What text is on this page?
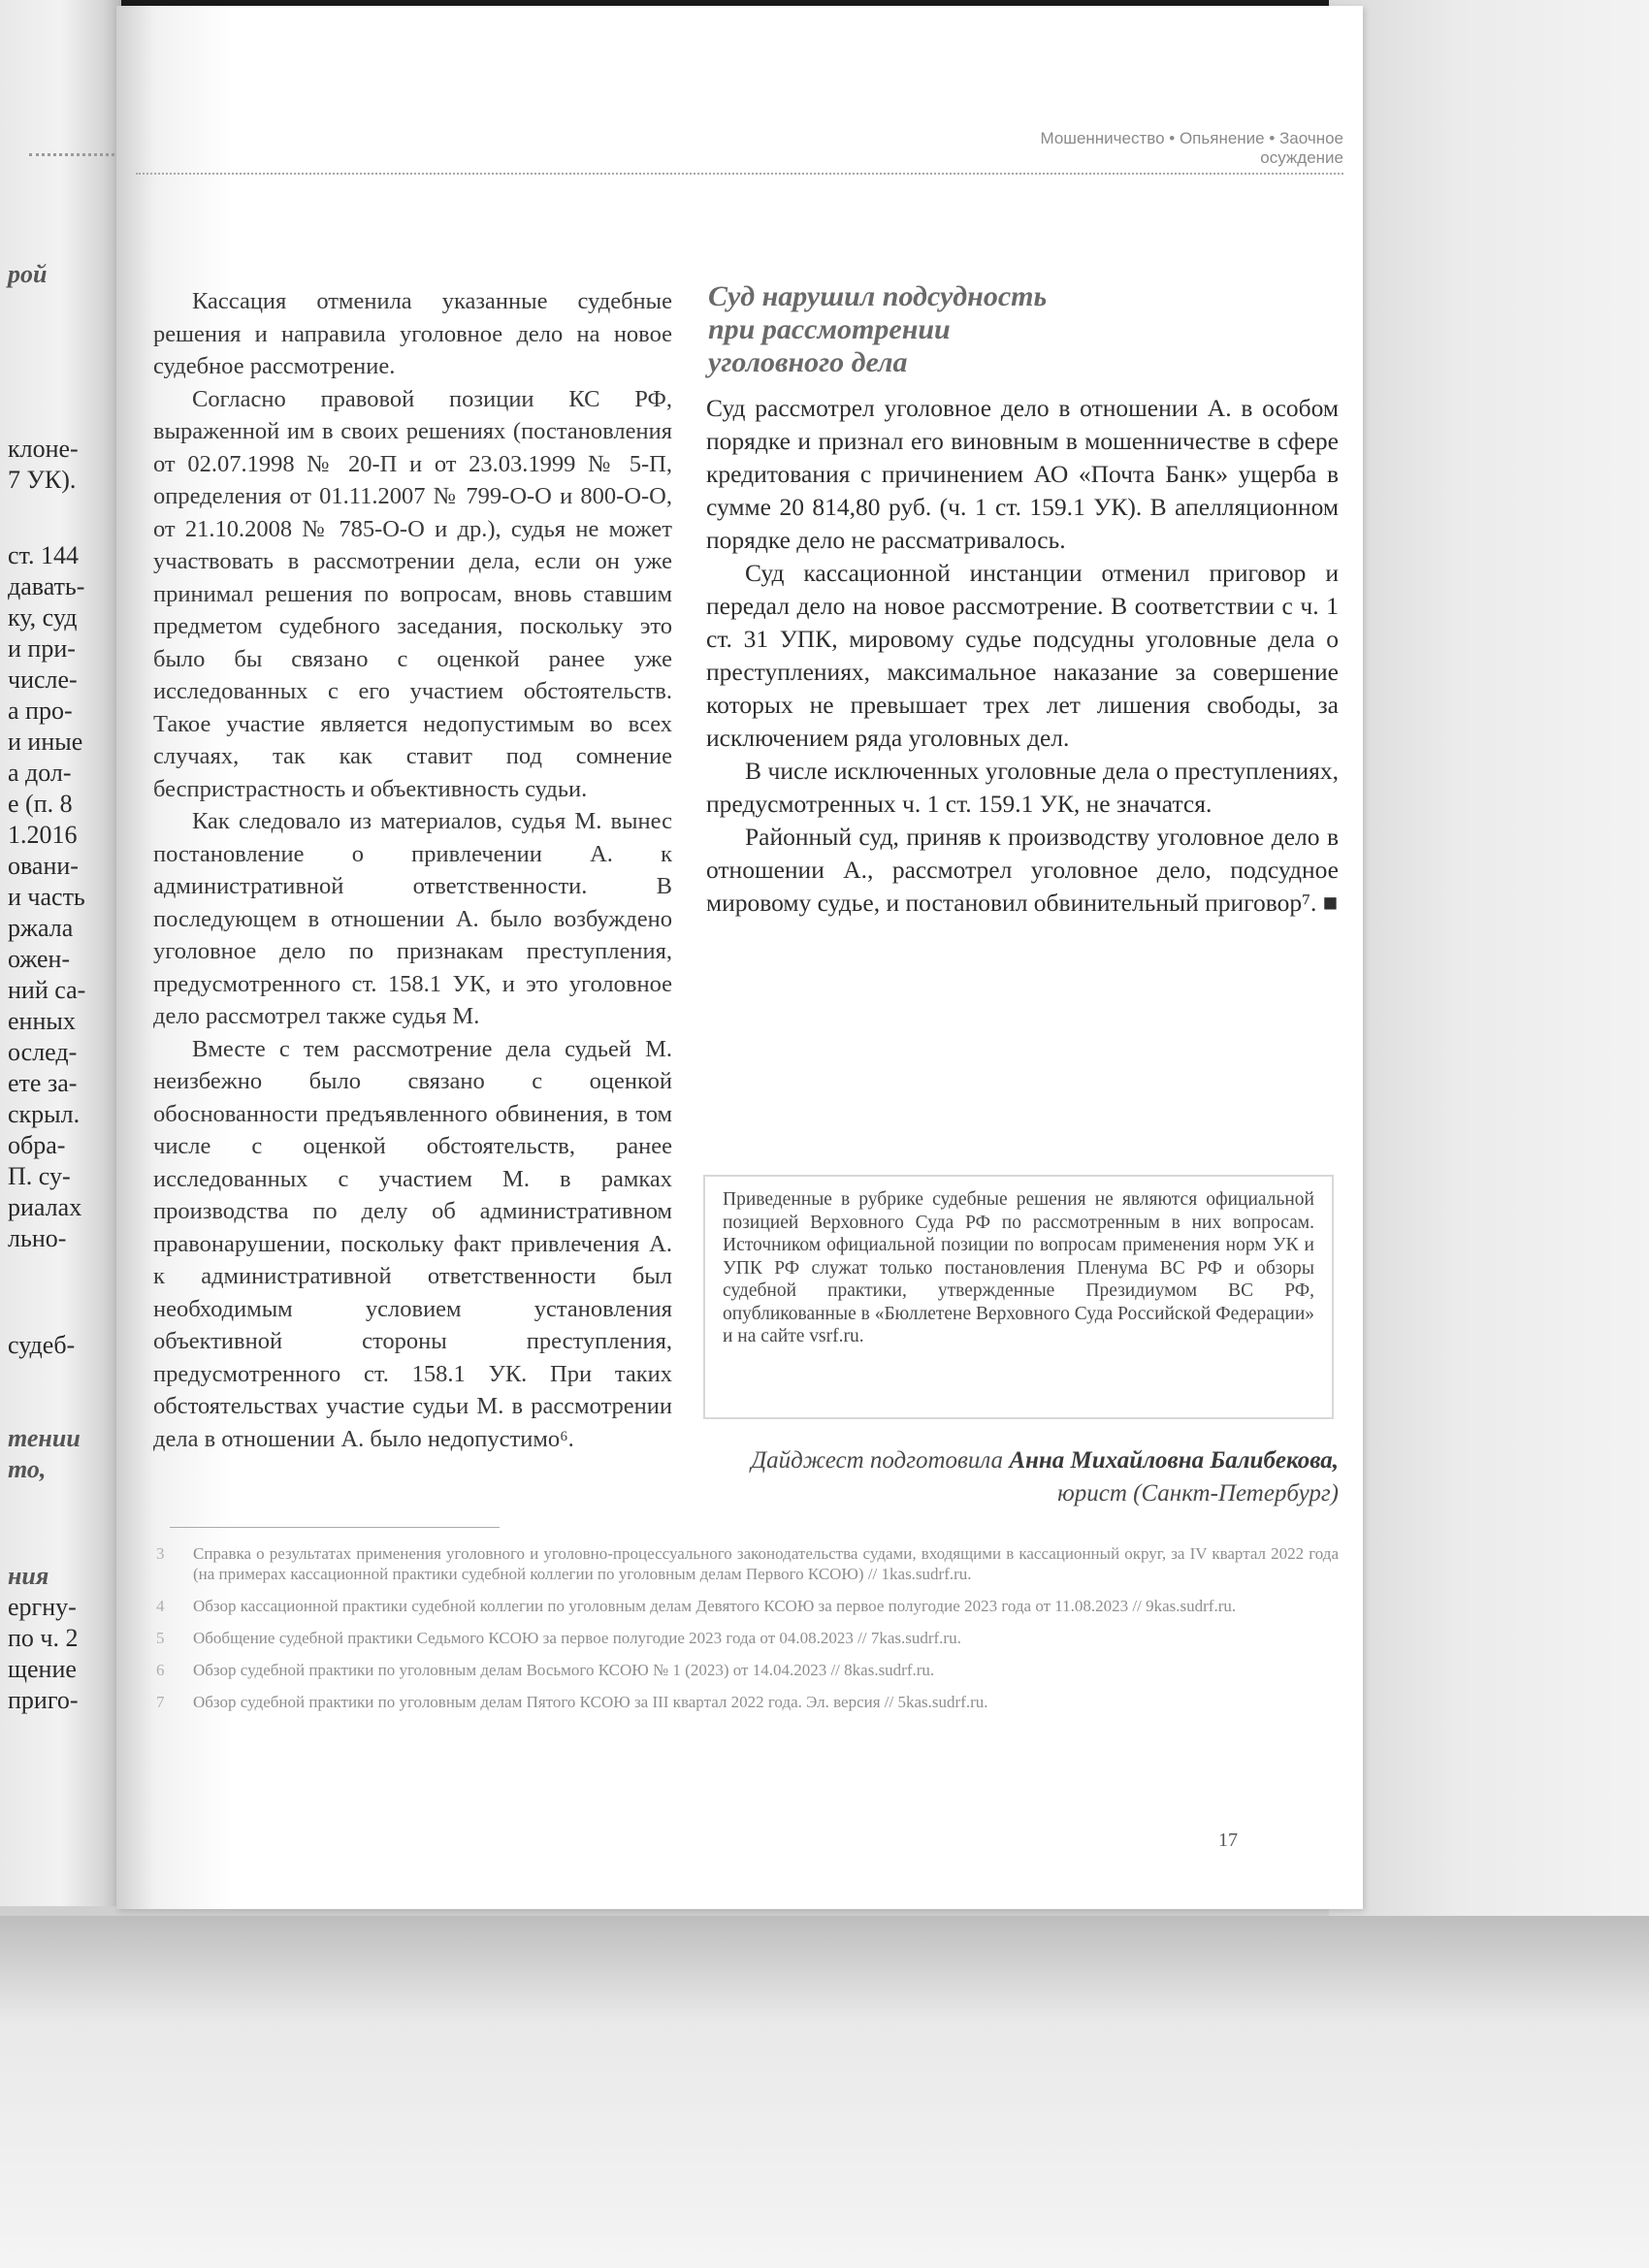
рой
клоне-
7 УК).
ст. 144
давать-
ку, суд
и при-
числе-
а про-
и иные
а дол-
е (п. 8
1.2016
овани-
и часть
ржала
ожен-
ний са-
енных
ослед-
ете за-
скрыл.
обра-
П. су-
риалах
льно-
судеб-
тении
то,
ния
ергну-
по ч. 2
щение
приго-
Мошенничество • Опьянение • Заочное осуждение

Кассация отменила указанные судебные решения и направила уголовное дело на новое судебное рассмотрение.

Согласно правовой позиции КС РФ, выраженной им в своих решениях (постановления от 02.07.1998 № 20-П и от 23.03.1999 № 5-П, определения от 01.11.2007 № 799-О-О и 800-О-О, от 21.10.2008 № 785-О-О и др.), судья не может участвовать в рассмотрении дела, если он уже принимал решения по вопросам, вновь ставшим предметом судебного заседания, поскольку это было бы связано с оценкой ранее уже исследованных с его участием обстоятельств. Такое участие является недопустимым во всех случаях, так как ставит под сомнение беспристрастность и объективность судьи.

Как следовало из материалов, судья М. вынес постановление о привлечении А. к административной ответственности. В последующем в отношении А. было возбуждено уголовное дело по признакам преступления, предусмотренного ст. 158.1 УК, и это уголовное дело рассмотрел также судья М.

Вместе с тем рассмотрение дела судьей М. неизбежно было связано с оценкой обоснованности предъявленного обвинения, в том числе с оценкой обстоятельств, ранее исследованных с участием М. в рамках производства по делу об административном правонарушении, поскольку факт привлечения А. к административной ответственности был необходимым условием установления объективной стороны преступления, предусмотренного ст. 158.1 УК. При таких обстоятельствах участие судьи М. в рассмотрении дела в отношении А. было недопустимо⁶.

Суд нарушил подсудность
при рассмотрении
уголовного дела

Суд рассмотрел уголовное дело в отношении А. в особом порядке и признал его виновным в мошенничестве в сфере кредитования с причинением АО «Почта Банк» ущерба в сумме 20 814,80 руб. (ч. 1 ст. 159.1 УК). В апелляционном порядке дело не рассматривалось.

Суд кассационной инстанции отменил приговор и передал дело на новое рассмотрение. В соответствии с ч. 1 ст. 31 УПК, мировому судье подсудны уголовные дела о преступлениях, максимальное наказание за совершение которых не превышает трех лет лишения свободы, за исключением ряда уголовных дел.

В числе исключенных уголовные дела о преступлениях, предусмотренных ч. 1 ст. 159.1 УК, не значатся.

Районный суд, приняв к производству уголовное дело в отношении А., рассмотрел уголовное дело, подсудное мировому судье, и постановил обвинительный приговор⁷. ■

Приведенные в рубрике судебные решения не являются официальной позицией Верховного Суда РФ по рассмотренным в них вопросам. Источником официальной позиции по вопросам применения норм УК и УПК РФ служат только постановления Пленума ВС РФ и обзоры судебной практики, утвержденные Президиумом ВС РФ, опубликованные в «Бюллетене Верховного Суда Российской Федерации» и на сайте vsrf.ru.
Дайджест подготовила Анна Михайловна Балибекова, юрист (Санкт-Петербург)
3 Справка о результатах применения уголовного и уголовно-процессуального законодательства судами, входящими в кассационный округ, за IV квартал 2022 года (на примерах кассационной практики судебной коллегии по уголовным делам Первого КСОЮ) // 1kas.sudrf.ru.
4 Обзор кассационной практики судебной коллегии по уголовным делам Девятого КСОЮ за первое полугодие 2023 года от 11.08.2023 // 9kas.sudrf.ru.
5 Обобщение судебной практики Седьмого КСОЮ за первое полугодие 2023 года от 04.08.2023 // 7kas.sudrf.ru.
6 Обзор судебной практики по уголовным делам Восьмого КСОЮ № 1 (2023) от 14.04.2023 // 8kas.sudrf.ru.
7 Обзор судебной практики по уголовным делам Пятого КСОЮ за III квартал 2022 года. Эл. версия // 5kas.sudrf.ru.
17
